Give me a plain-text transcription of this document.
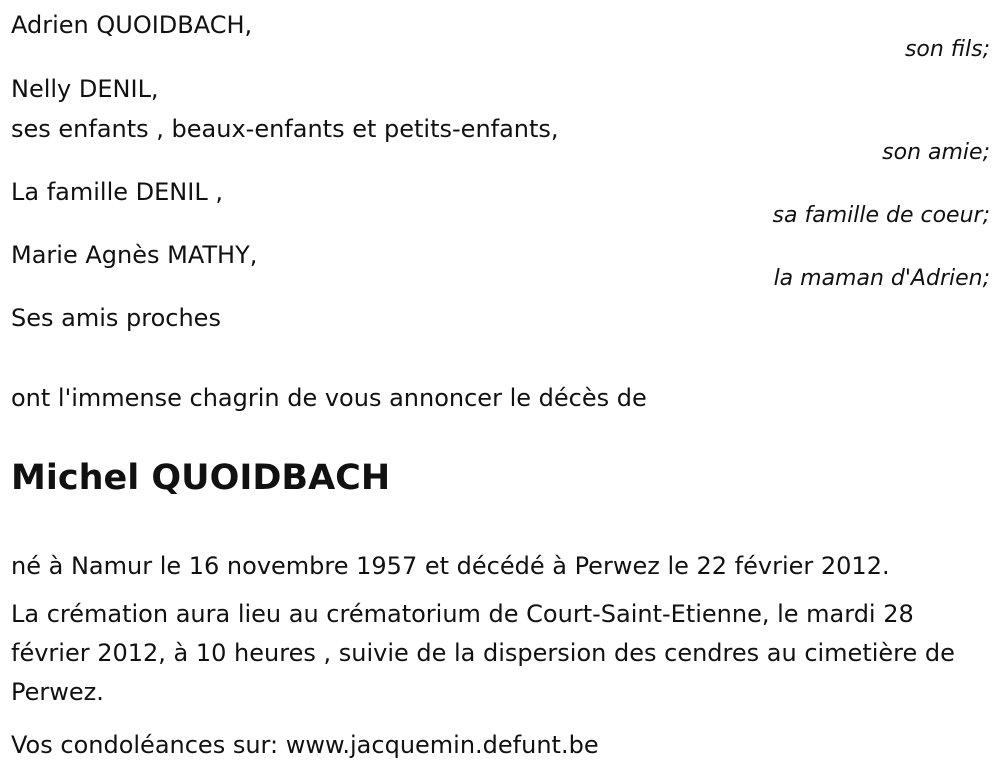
Adrien QUOIDBACH,
son fils;
Nelly DENIL,
ses enfants , beaux-enfants et petits-enfants,
son amie;
La famille DENIL ,
sa famille de coeur;
Marie Agnès MATHY,
la maman d'Adrien;
Ses amis proches
ont l'immense chagrin de vous annoncer le décès de
Michel QUOIDBACH
né à Namur le 16 novembre 1957 et décédé à Perwez le 22 février 2012.
La crémation aura lieu au crématorium de Court-Saint-Etienne, le mardi 28 février 2012, à 10 heures , suivie de la dispersion des cendres au cimetière de Perwez.
Vos condoléances sur: www.jacquemin.defunt.be
